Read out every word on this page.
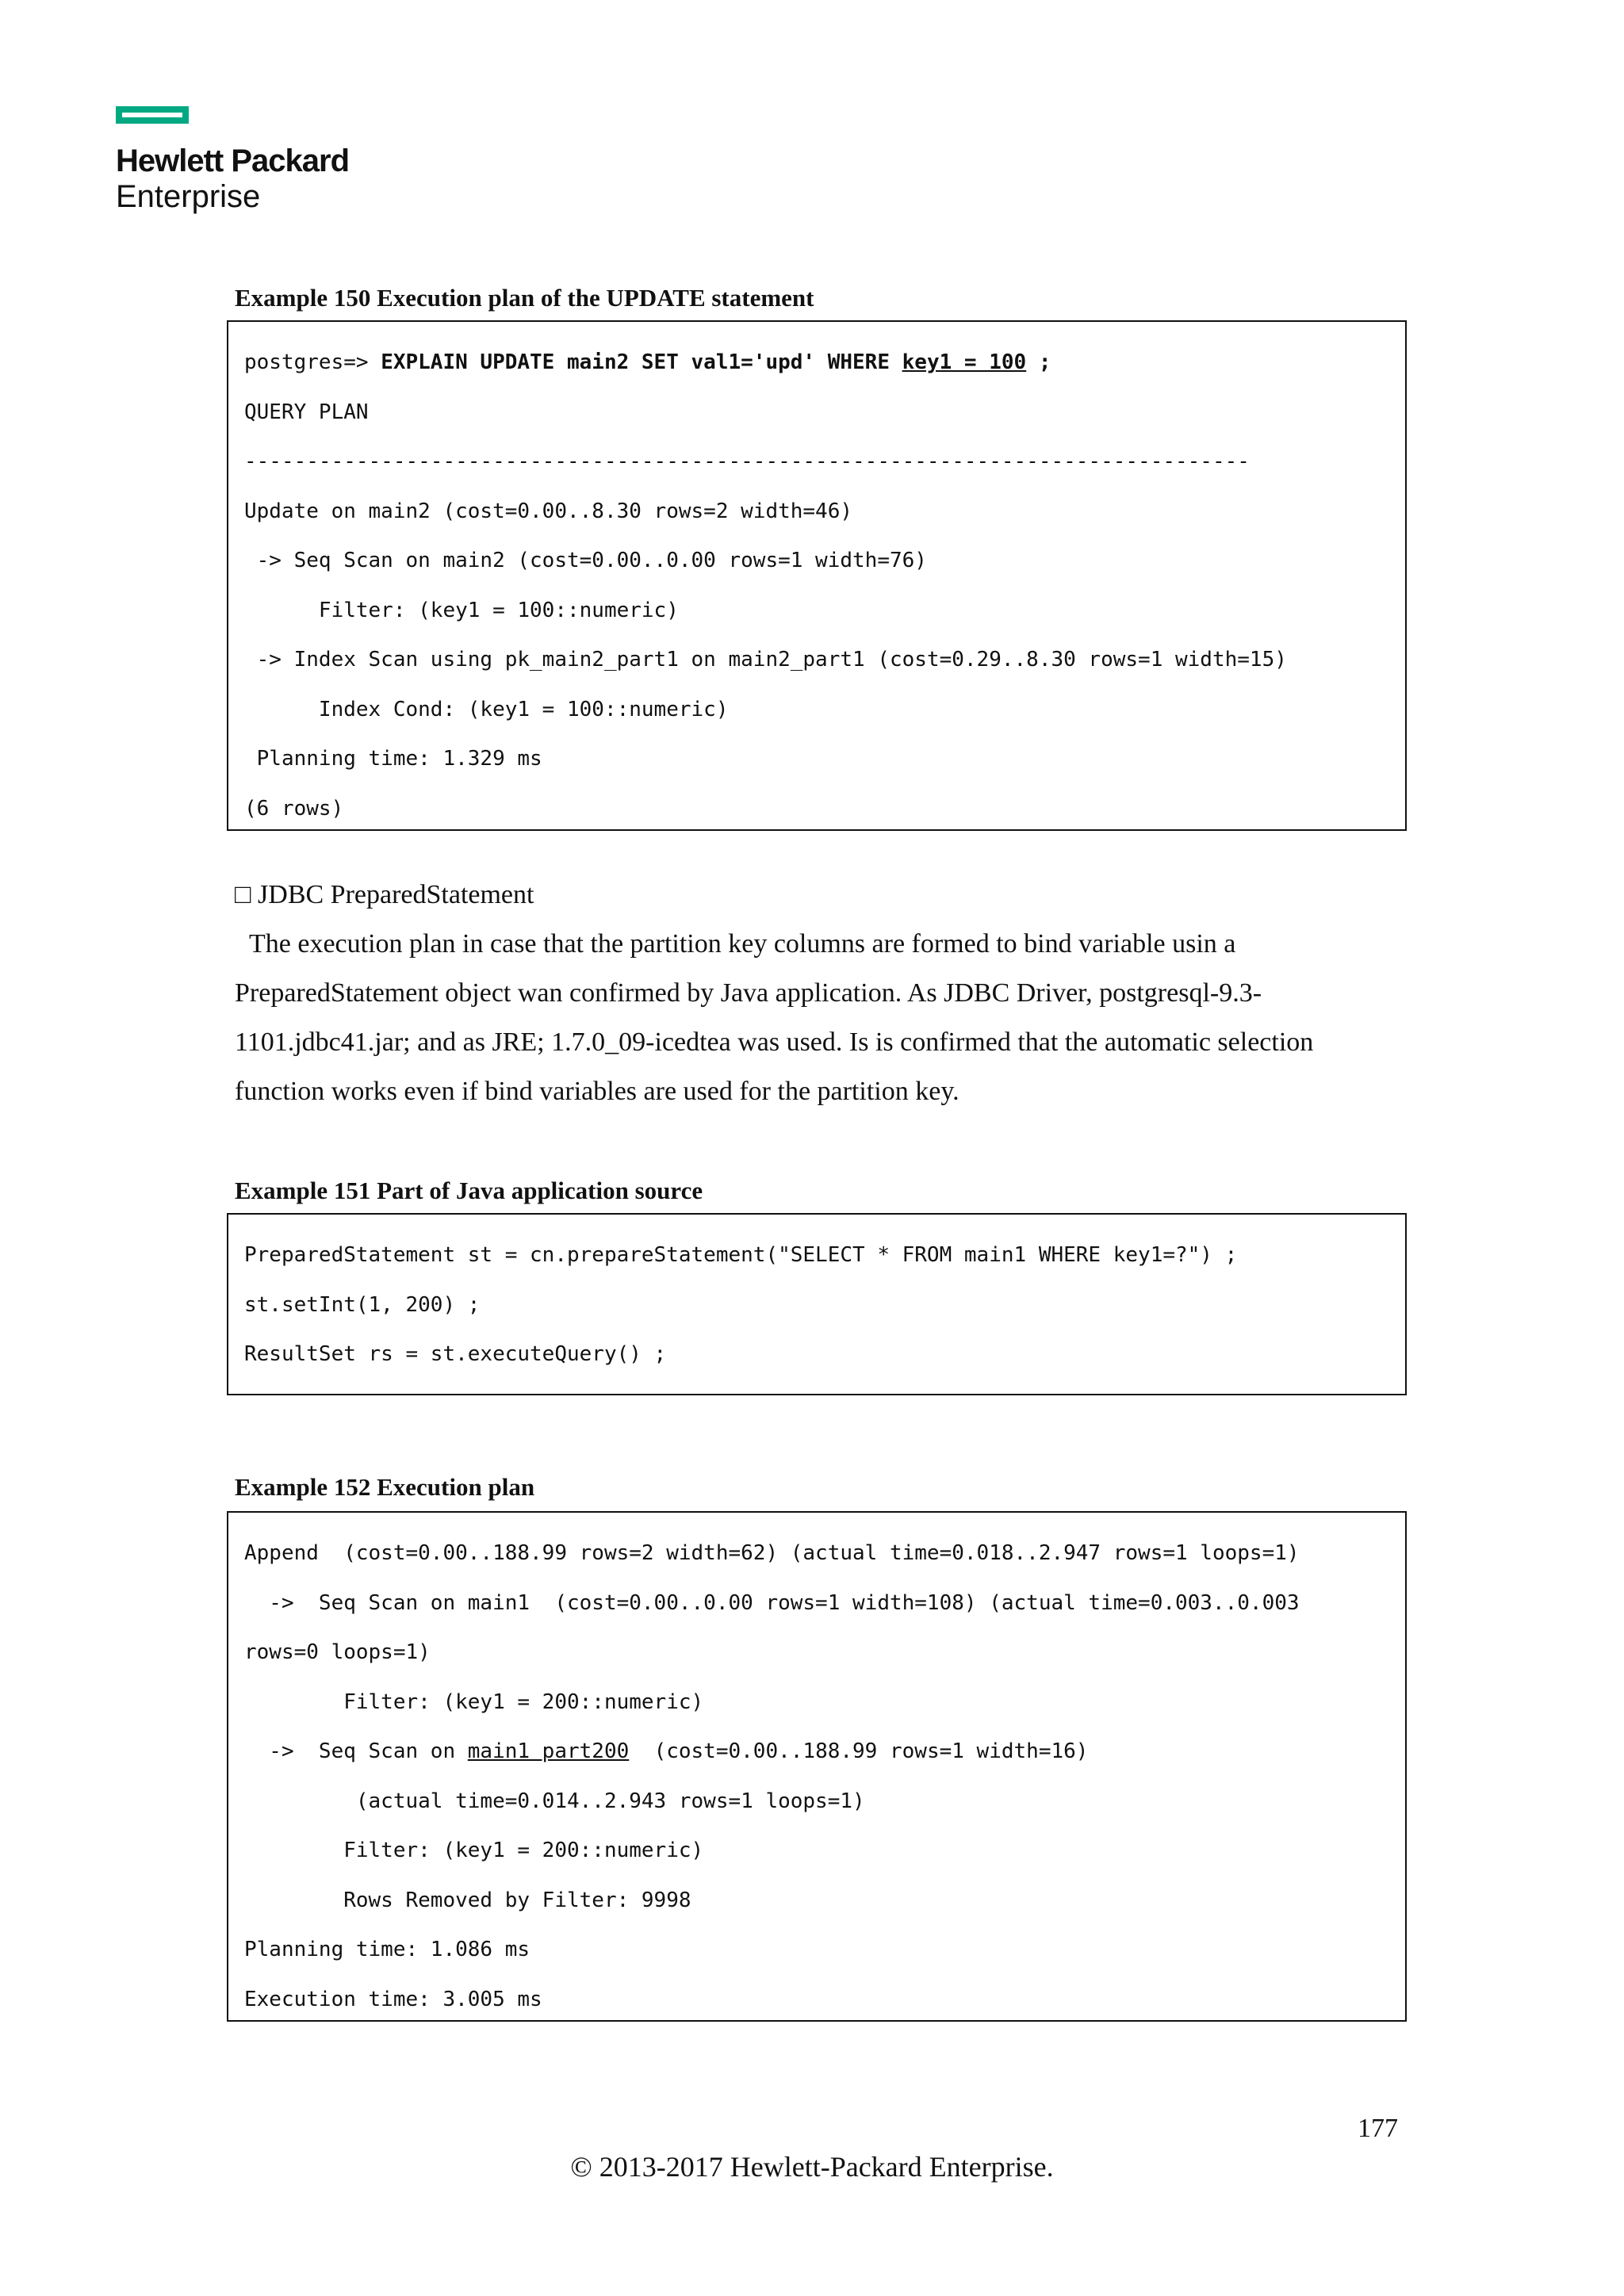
Hewlett Packard
Enterprise

Example 150 Execution plan of the UPDATE statement

postgres=> EXPLAIN UPDATE main2 SET val1='upd' WHERE key1 = 100 ;
QUERY PLAN
---------------------------------------------------------------------------------
Update on main2 (cost=0.00..8.30 rows=2 width=46)
-> Seq Scan on main2 (cost=0.00..0.00 rows=1 width=76)
Filter: (key1 = 100::numeric)
-> Index Scan using pk_main2_part1 on main2_part1 (cost=0.29..8.30 rows=1 width=15)
Index Cond: (key1 = 100::numeric)
Planning time: 1.329 ms
(6 rows)

□ JDBC PreparedStatement

The execution plan in case that the partition key columns are formed to bind variable usin a PreparedStatement object wan confirmed by Java application. As JDBC Driver, postgresql-9.3-1101.jdbc41.jar; and as JRE; 1.7.0_09-icedtea was used. Is is confirmed that the automatic selection function works even if bind variables are used for the partition key.

Example 151 Part of Java application source

PreparedStatement st = cn.prepareStatement("SELECT * FROM main1 WHERE key1=?") ;
st.setInt(1, 200) ;
ResultSet rs = st.executeQuery() ;

Example 152 Execution plan

Append  (cost=0.00..188.99 rows=2 width=62) (actual time=0.018..2.947 rows=1 loops=1)
->  Seq Scan on main1  (cost=0.00..0.00 rows=1 width=108) (actual time=0.003..0.003
rows=0 loops=1)
Filter: (key1 = 200::numeric)
->  Seq Scan on main1 part200  (cost=0.00..188.99 rows=1 width=16)
(actual time=0.014..2.943 rows=1 loops=1)
Filter: (key1 = 200::numeric)
Rows Removed by Filter: 9998
Planning time: 1.086 ms
Execution time: 3.005 ms
177
© 2013-2017 Hewlett-Packard Enterprise.
